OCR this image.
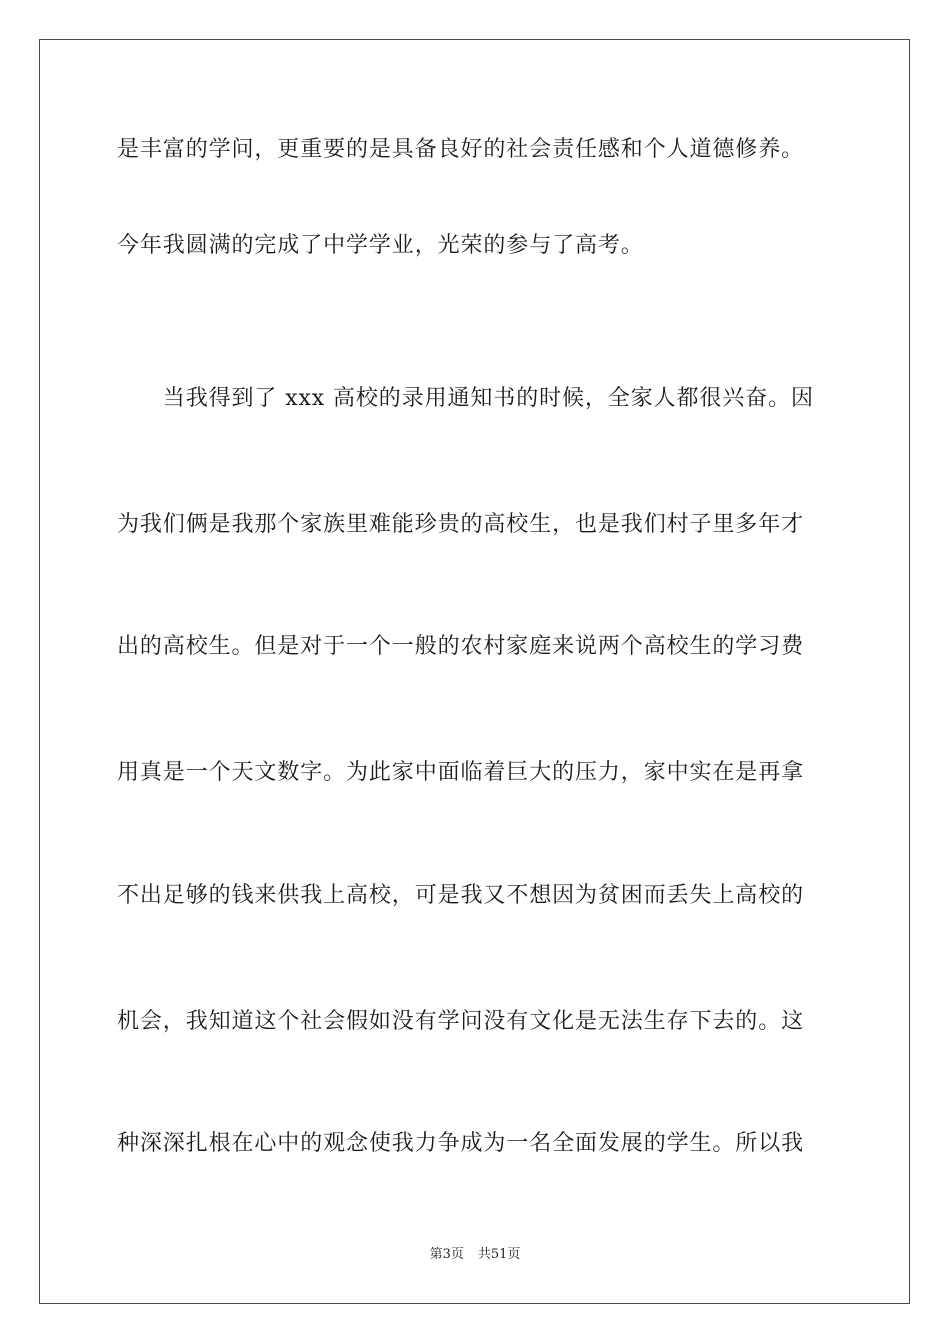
是丰富的学问，更重要的是具备良好的社会责任感和个人道德修养。
今年我圆满的完成了中学学业，光荣的参与了高考。
　　当我得到了 xxx 高校的录用通知书的时候，全家人都很兴奋。因
为我们俩是我那个家族里难能珍贵的高校生，也是我们村子里多年才
出的高校生。但是对于一个一般的农村家庭来说两个高校生的学习费
用真是一个天文数字。为此家中面临着巨大的压力，家中实在是再拿
不出足够的钱来供我上高校，可是我又不想因为贫困而丢失上高校的
机会，我知道这个社会假如没有学问没有文化是无法生存下去的。这
种深深扎根在心中的观念使我力争成为一名全面发展的学生。所以我
第3页 共51页
